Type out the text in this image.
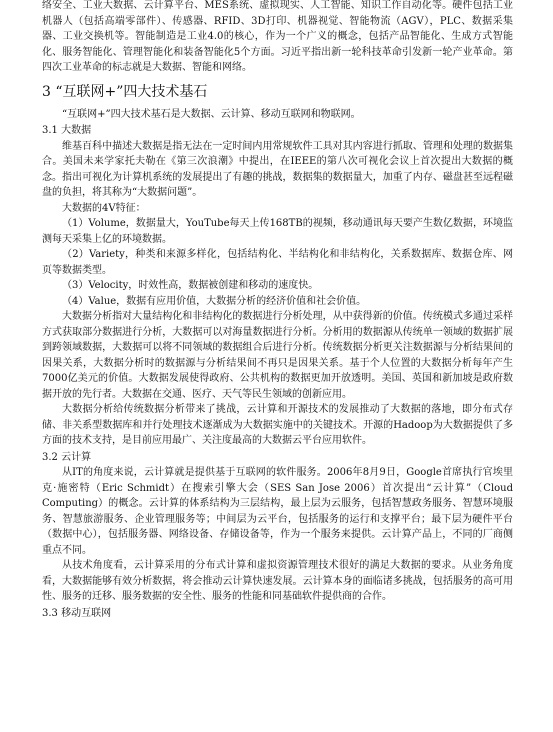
络安全、工业大数据、云计算平台、MES系统、虚拟现实、人工智能、知识工作自动化等。硬件包括工业机器人（包括高端零部件）、传感器、RFID、3D打印、机器视觉、智能物流（AGV），PLC、数据采集器、工业交换机等。智能制造是工业4.0的核心，作为一个广义的概念，包括产品智能化、生成方式智能化、服务智能化、管理智能化和装备智能化5个方面。习近平指出新一轮科技革命引发新一轮产业革命。第四次工业革命的标志就是大数据、智能和网络。

3 “互联网+”四大技术基石

“互联网+”四大技术基石是大数据、云计算、移动互联网和物联网。

3.1 大数据

维基百科中描述大数据是指无法在一定时间内用常规软件工具对其内容进行抓取、管理和处理的数据集合。美国未来学家托夫勒在《第三次浪潮》中提出，在IEEE的第八次可视化会议上首次提出大数据的概念。指出可视化为计算机系统的发展提出了有趣的挑战，数据集的数据量大，加重了内存、磁盘甚至远程磁盘的负担，将其称为“大数据问题”。

大数据的4V特征：

（1）Volume，数据量大，YouTube每天上传168TB的视频，移动通讯每天要产生数亿数据，环境监测每天采集上亿的环境数据。

（2）Variety，种类和来源多样化，包括结构化、半结构化和非结构化，关系数据库、数据仓库、网页等数据类型。

（3）Velocity，时效性高，数据被创建和移动的速度快。

（4）Value，数据有应用价值，大数据分析的经济价值和社会价值。

大数据分析指对大量结构化和非结构化的数据进行分析处理，从中获得新的价值。传统模式多通过采样方式获取部分数据进行分析，大数据可以对海量数据进行分析。分析用的数据源从传统单一领域的数据扩展到跨领域数据，大数据可以将不同领域的数据组合后进行分析。传统数据分析更关注数据源与分析结果间的因果关系，大数据分析时的数据源与分析结果间不再只是因果关系。基于个人位置的大数据分析每年产生7000亿美元的价值。大数据发展使得政府、公共机构的数据更加开放透明。美国、英国和新加坡是政府数据开放的先行者。大数据在交通、医疗、天气等民生领域的创新应用。

大数据分析给传统数据分析带来了挑战，云计算和开源技术的发展推动了大数据的落地，即分布式存储、非关系型数据库和并行处理技术逐渐成为大数据实施中的关键技术。开源的Hadoop为大数据提供了多方面的技术支持，是目前应用最广、关注度最高的大数据云平台应用软件。

3.2 云计算

从IT的角度来说，云计算就是提供基于互联网的软件服务。2006年8月9日，Google首席执行官埃里克·施密特（Eric Schmidt）在搜索引擎大会（SES San Jose 2006）首次提出“云计算”（Cloud Computing）的概念。云计算的体系结构为三层结构，最上层为云服务，包括智慧政务服务、智慧环境服务、智慧旅游服务、企业管理服务等；中间层为云平台，包括服务的运行和支撑平台；最下层为硬件平台（数据中心），包括服务器、网络设备、存储设备等，作为一个服务来提供。云计算产品上，不同的厂商侧重点不同。

从技术角度看，云计算采用的分布式计算和虚拟资源管理技术很好的满足大数据的要求。从业务角度看，大数据能够有效分析数据，将会推动云计算快速发展。云计算本身的面临诸多挑战，包括服务的高可用性、服务的迁移、服务数据的安全性、服务的性能和同基础软件提供商的合作。

3.3 移动互联网
